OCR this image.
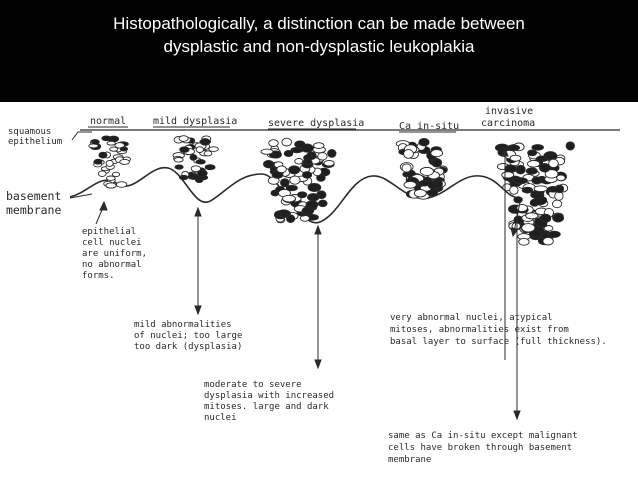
Histopathologically, a distinction can be made between
dysplastic and non-dysplastic leukoplakia
normal	mild dysplasia	severe dysplasia	Ca in-situ
invasive
carcinoma
squamous
epithelium
basement
membrane
epithelial
cell nuclei
are uniform,
no abnormal
forms.
mild abnormalities
of nuclei; too large
too dark (dysplasia)
moderate to severe
dysplasia with increased
mitoses. large and dark
nuclei
very abnormal nuclei, atypical
mitoses, abnormalities exist from
basal layer to surface (full thickness).
same as Ca in-situ except malignant
cells have broken through basement
membrane
